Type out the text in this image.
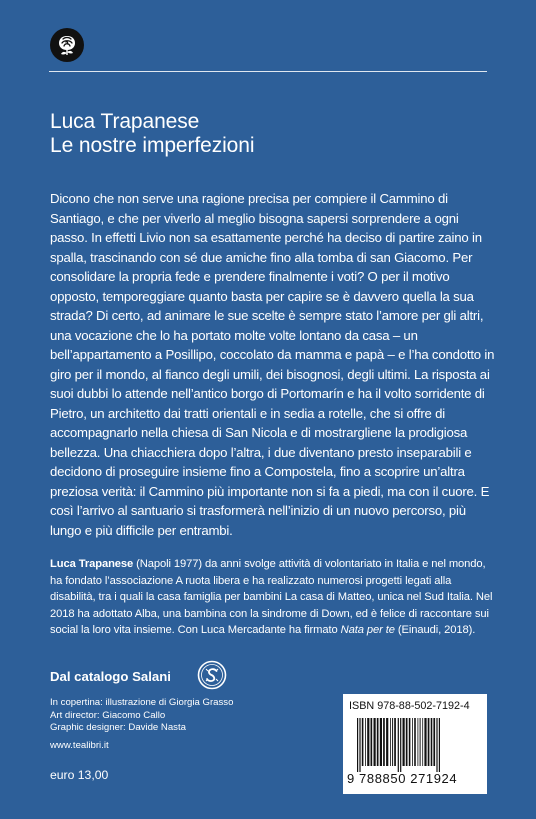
Luca Trapanese
Le nostre imperfezioni

Dicono che non serve una ragione precisa per compiere il Cammino di Santiago, e che per viverlo al meglio bisogna sapersi sorprendere a ogni passo. In effetti Livio non sa esattamente perché ha deciso di partire zaino in spalla, trascinando con sé due amiche fino alla tomba di san Giacomo. Per consolidare la propria fede e prendere finalmente i voti? O per il motivo opposto, temporeggiare quanto basta per capire se è davvero quella la sua strada? Di certo, ad animare le sue scelte è sempre stato l’amore per gli altri, una vocazione che lo ha portato molte volte lontano da casa – un bell’appartamento a Posillipo, coccolato da mamma e papà – e l’ha condotto in giro per il mondo, al fianco degli umili, dei bisognosi, degli ultimi. La risposta ai suoi dubbi lo attende nell’antico borgo di Portomarín e ha il volto sorridente di Pietro, un architetto dai tratti orientali e in sedia a rotelle, che si offre di accompagnarlo nella chiesa di San Nicola e di mostrargliene la prodigiosa bellezza. Una chiacchiera dopo l’altra, i due diventano presto inseparabili e decidono di proseguire insieme fino a Compostela, fino a scoprire un’altra preziosa verità: il Cammino più importante non si fa a piedi, ma con il cuore. E così l’arrivo al santuario si trasformerà nell’inizio di un nuovo percorso, più lungo e più difficile per entrambi.

Luca Trapanese (Napoli 1977) da anni svolge attività di volontariato in Italia e nel mondo, ha fondato l’associazione A ruota libera e ha realizzato numerosi progetti legati alla disabilità, tra i quali la casa famiglia per bambini La casa di Matteo, unica nel Sud Italia. Nel 2018 ha adottato Alba, una bambina con la sindrome di Down, ed è felice di raccontare sui social la loro vita insieme. Con Luca Mercadante ha firmato Nata per te (Einaudi, 2018).

Dal catalogo Salani
In copertina: illustrazione di Giorgia Grasso
Art director: Giacomo Callo
Graphic designer: Davide Nasta
www.tealibri.it
euro 13,00
ISBN 978-88-502-7192-4
9 788850 271924
